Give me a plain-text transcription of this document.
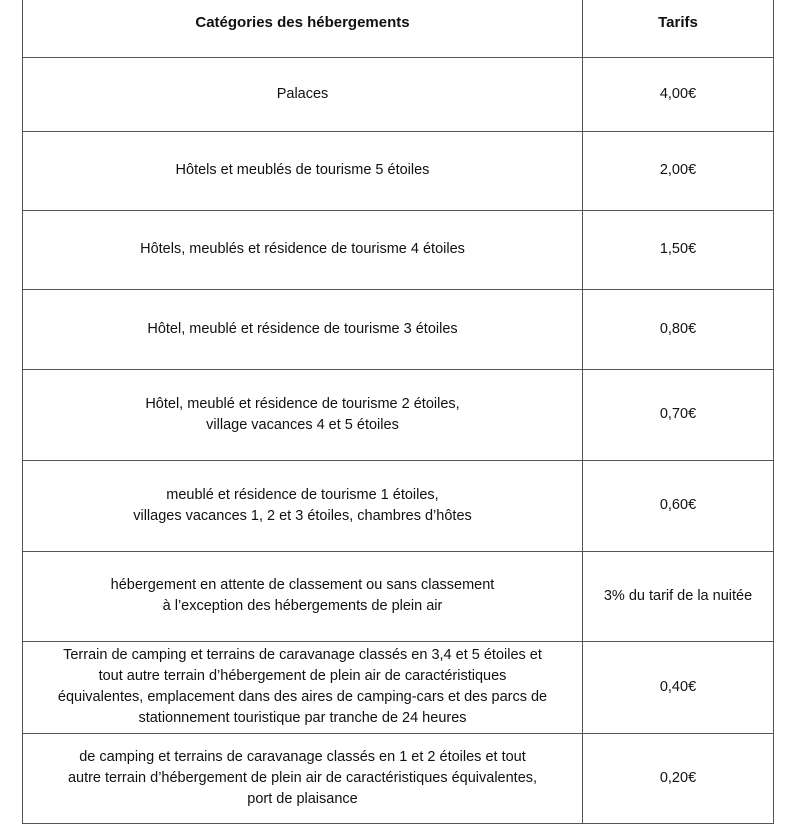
Catégories des hébergements	Tarifs
Palaces	4,00€
Hôtels et meublés de tourisme 5 étoiles	2,00€
Hôtels, meublés et résidence de tourisme 4 étoiles	1,50€
Hôtel, meublé et résidence de tourisme 3 étoiles	0,80€
Hôtel, meublé et résidence de tourisme 2 étoiles,
village vacances 4 et 5 étoiles	0,70€
meublé et résidence de tourisme 1 étoiles,
villages vacances 1, 2 et 3 étoiles, chambres d’hôtes	0,60€
hébergement en attente de classement ou sans classement
à l’exception des hébergements de plein air	3% du tarif de la nuitée
Terrain de camping et terrains de caravanage classés en 3,4 et 5 étoiles et
tout autre terrain d’hébergement de plein air de caractéristiques
équivalentes, emplacement dans des aires de camping-cars et des parcs de
stationnement touristique par tranche de 24 heures	0,40€
de camping et terrains de caravanage classés en 1 et 2 étoiles et tout
autre terrain d’hébergement de plein air de caractéristiques équivalentes,
port de plaisance	0,20€
